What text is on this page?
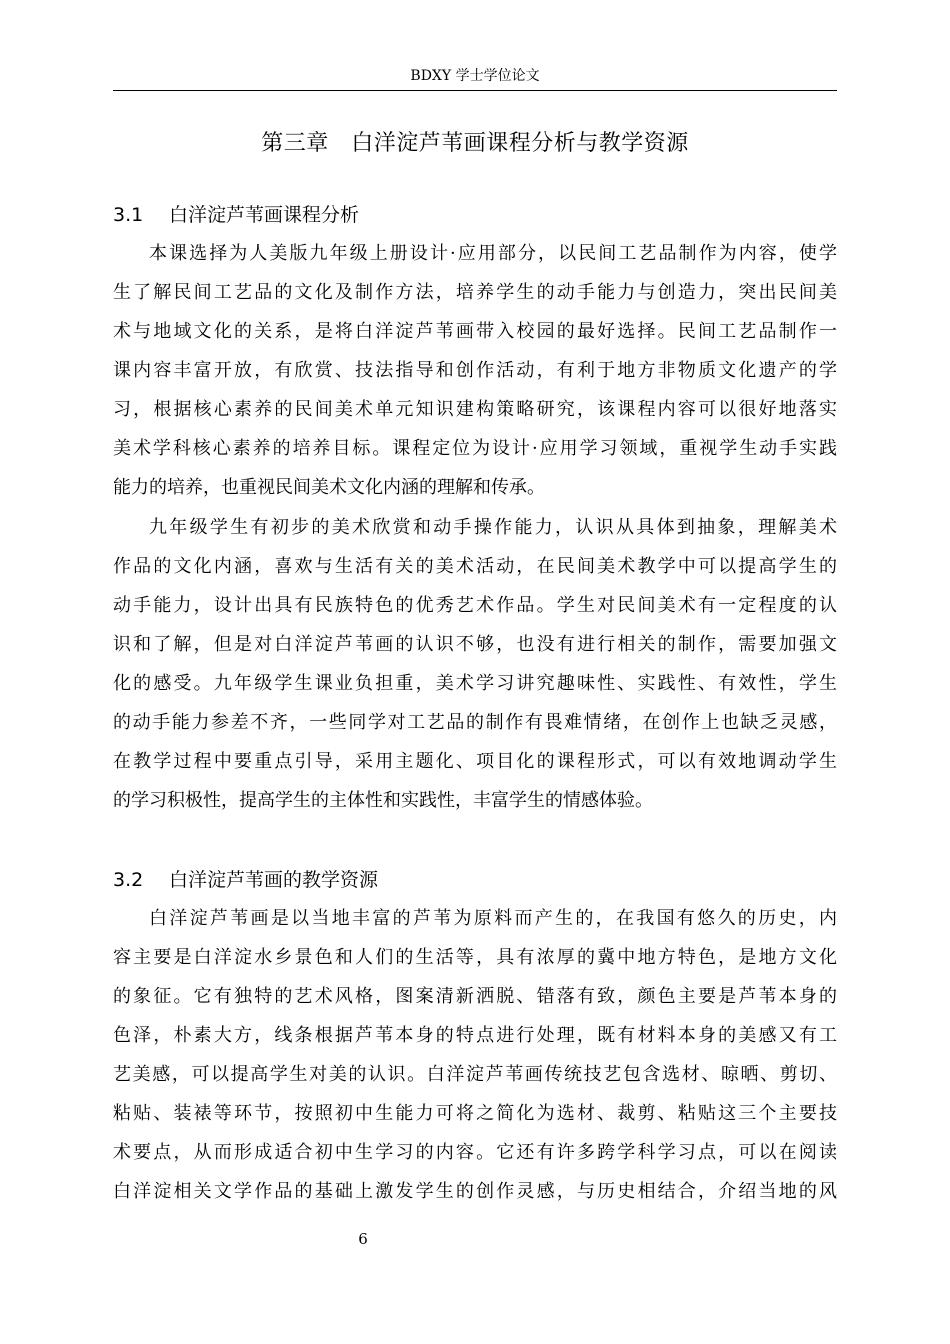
BDXY 学士学位论文
第三章　白洋淀芦苇画课程分析与教学资源
3.1 白洋淀芦苇画课程分析
本课选择为人美版九年级上册设计·应用部分，以民间工艺品制作为内容，使学
生了解民间工艺品的文化及制作方法，培养学生的动手能力与创造力，突出民间美
术与地域文化的关系，是将白洋淀芦苇画带入校园的最好选择。民间工艺品制作一
课内容丰富开放，有欣赏、技法指导和创作活动，有利于地方非物质文化遗产的学
习，根据核心素养的民间美术单元知识建构策略研究，该课程内容可以很好地落实
美术学科核心素养的培养目标。课程定位为设计·应用学习领域，重视学生动手实践
能力的培养，也重视民间美术文化内涵的理解和传承。
九年级学生有初步的美术欣赏和动手操作能力，认识从具体到抽象，理解美术
作品的文化内涵，喜欢与生活有关的美术活动，在民间美术教学中可以提高学生的
动手能力，设计出具有民族特色的优秀艺术作品。学生对民间美术有一定程度的认
识和了解，但是对白洋淀芦苇画的认识不够，也没有进行相关的制作，需要加强文
化的感受。九年级学生课业负担重，美术学习讲究趣味性、实践性、有效性，学生
的动手能力参差不齐，一些同学对工艺品的制作有畏难情绪，在创作上也缺乏灵感，
在教学过程中要重点引导，采用主题化、项目化的课程形式，可以有效地调动学生
的学习积极性，提高学生的主体性和实践性，丰富学生的情感体验。
3.2 白洋淀芦苇画的教学资源
白洋淀芦苇画是以当地丰富的芦苇为原料而产生的，在我国有悠久的历史，内
容主要是白洋淀水乡景色和人们的生活等，具有浓厚的冀中地方特色，是地方文化
的象征。它有独特的艺术风格，图案清新洒脱、错落有致，颜色主要是芦苇本身的
色泽，朴素大方，线条根据芦苇本身的特点进行处理，既有材料本身的美感又有工
艺美感，可以提高学生对美的认识。白洋淀芦苇画传统技艺包含选材、晾晒、剪切、
粘贴、装裱等环节，按照初中生能力可将之简化为选材、裁剪、粘贴这三个主要技
术要点，从而形成适合初中生学习的内容。它还有许多跨学科学习点，可以在阅读
白洋淀相关文学作品的基础上激发学生的创作灵感，与历史相结合，介绍当地的风
6
